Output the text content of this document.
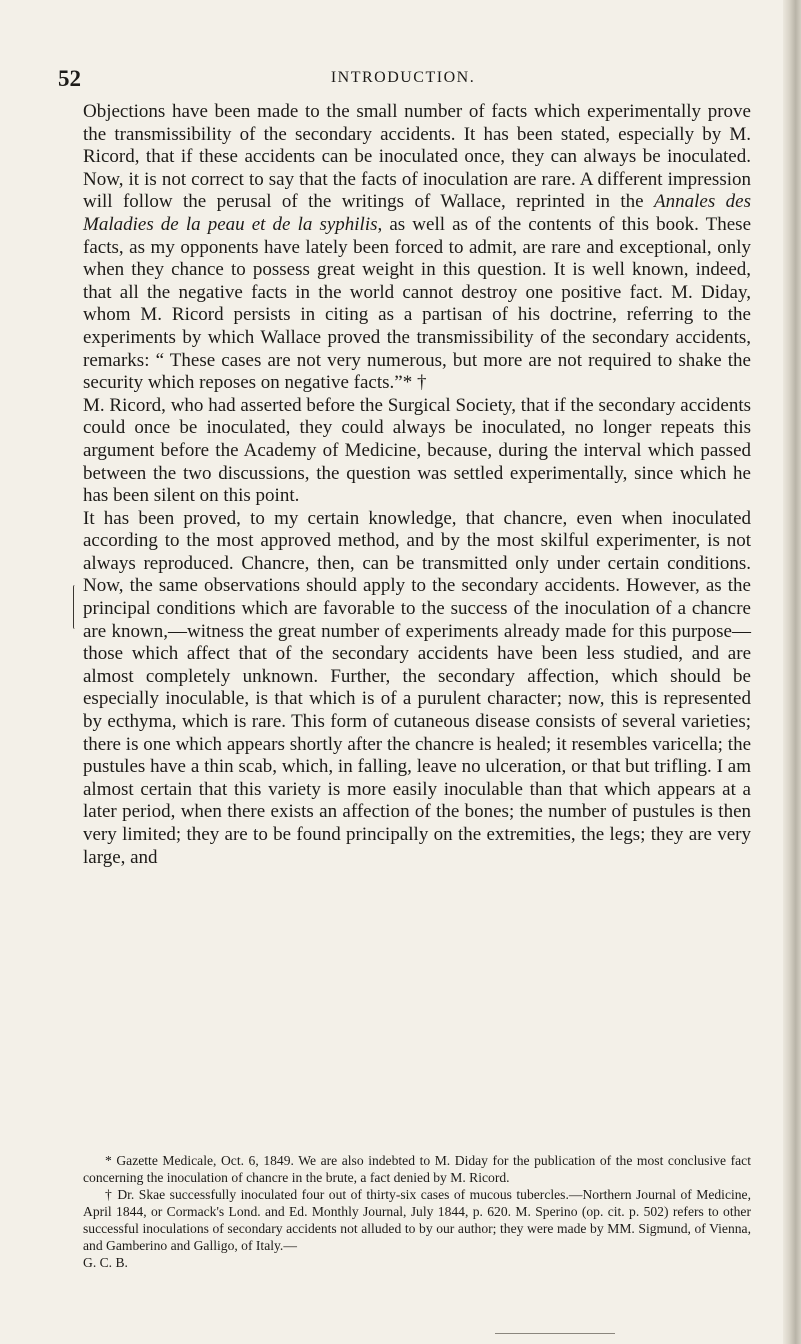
52	INTRODUCTION.

Objections have been made to the small number of facts which experimentally prove the transmissibility of the secondary accidents. It has been stated, especially by M. Ricord, that if these accidents can be inoculated once, they can always be inoculated. Now, it is not correct to say that the facts of inoculation are rare. A different impression will follow the perusal of the writings of Wallace, reprinted in the Annales des Maladies de la peau et de la syphilis, as well as of the contents of this book. These facts, as my opponents have lately been forced to admit, are rare and exceptional, only when they chance to possess great weight in this question. It is well known, indeed, that all the negative facts in the world cannot destroy one positive fact. M. Diday, whom M. Ricord persists in citing as a partisan of his doctrine, referring to the experiments by which Wallace proved the transmissibility of the secondary accidents, remarks: “ These cases are not very numerous, but more are not required to shake the security which reposes on negative facts.”* †

M. Ricord, who had asserted before the Surgical Society, that if the secondary accidents could once be inoculated, they could always be inoculated, no longer repeats this argument before the Academy of Medicine, because, during the interval which passed between the two discussions, the question was settled experimentally, since which he has been silent on this point.

It has been proved, to my certain knowledge, that chancre, even when inoculated according to the most approved method, and by the most skilful experimenter, is not always reproduced. Chancre, then, can be transmitted only under certain conditions. Now, the same observations should apply to the secondary accidents. However, as the principal conditions which are favorable to the success of the inoculation of a chancre are known,—witness the great number of experiments already made for this purpose—those which affect that of the secondary accidents have been less studied, and are almost completely unknown. Further, the secondary affection, which should be especially inoculable, is that which is of a purulent character; now, this is represented by ecthyma, which is rare. This form of cutaneous disease consists of several varieties; there is one which appears shortly after the chancre is healed; it resembles varicella; the pustules have a thin scab, which, in falling, leave no ulceration, or that but trifling. I am almost certain that this variety is more easily inoculable than that which appears at a later period, when there exists an affection of the bones; the number of pustules is then very limited; they are to be found principally on the extremities, the legs; they are very large, and

* Gazette Medicale, Oct. 6, 1849. We are also indebted to M. Diday for the publication of the most conclusive fact concerning the inoculation of chancre in the brute, a fact denied by M. Ricord.

† Dr. Skae successfully inoculated four out of thirty-six cases of mucous tubercles.—Northern Journal of Medicine, April 1844, or Cormack's Lond. and Ed. Monthly Journal, July 1844, p. 620. M. Sperino (op. cit. p. 502) refers to other successful inoculations of secondary accidents not alluded to by our author; they were made by MM. Sigmund, of Vienna, and Gamberino and Galligo, of Italy.—

G. C. B.
